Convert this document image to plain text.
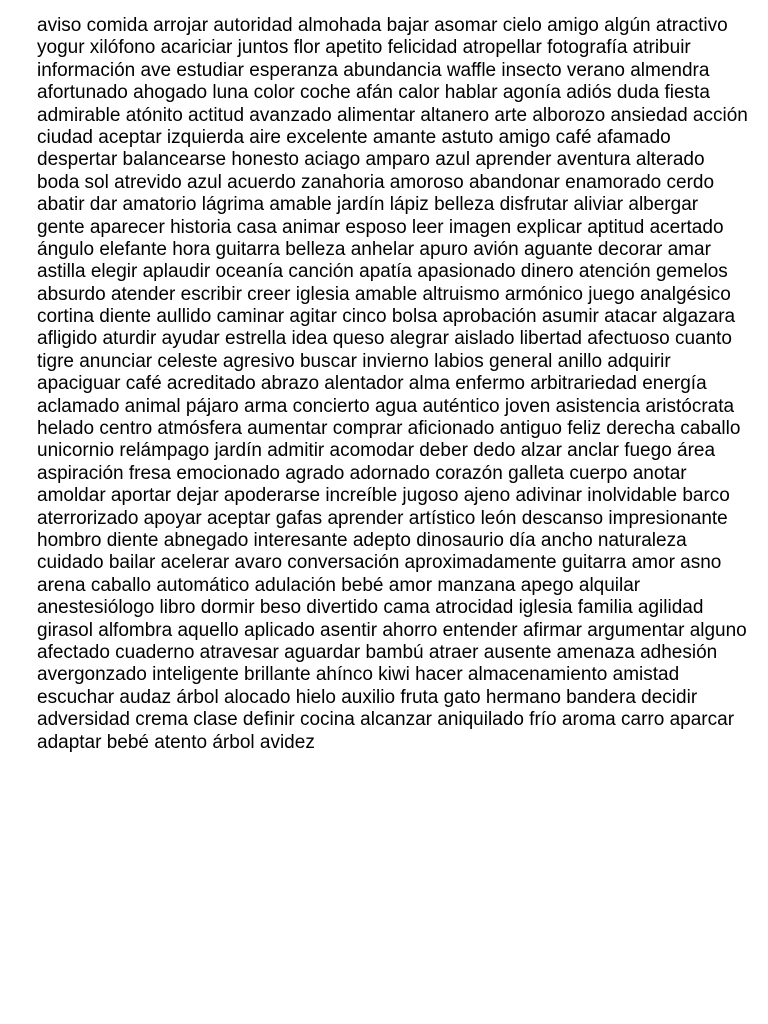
aviso comida arrojar autoridad almohada bajar asomar cielo amigo algún atractivo
yogur xilófono acariciar juntos flor apetito felicidad atropellar fotografía atribuir
información ave estudiar esperanza abundancia waffle insecto verano almendra
afortunado ahogado luna color coche afán calor hablar agonía adiós duda fiesta
admirable atónito actitud avanzado alimentar altanero arte alborozo ansiedad acción
ciudad aceptar izquierda aire excelente amante astuto amigo café afamado
despertar balancearse honesto aciago amparo azul aprender aventura alterado
boda sol atrevido azul acuerdo zanahoria amoroso abandonar enamorado cerdo
abatir dar amatorio lágrima amable jardín lápiz belleza disfrutar aliviar albergar
gente aparecer historia casa animar esposo leer imagen explicar aptitud acertado
ángulo elefante hora guitarra belleza anhelar apuro avión aguante decorar amar
astilla elegir aplaudir oceanía canción apatía apasionado dinero atención gemelos
absurdo atender escribir creer iglesia amable altruismo armónico juego analgésico
cortina diente aullido caminar agitar cinco bolsa aprobación asumir atacar algazara
afligido aturdir ayudar estrella idea queso alegrar aislado libertad afectuoso cuanto
tigre anunciar celeste agresivo buscar invierno labios general anillo adquirir
apaciguar café acreditado abrazo alentador alma enfermo arbitrariedad energía
aclamado animal pájaro arma concierto agua auténtico joven asistencia aristócrata
helado centro atmósfera aumentar comprar aficionado antiguo feliz derecha caballo
unicornio relámpago jardín admitir acomodar deber dedo alzar anclar fuego área
aspiración fresa emocionado agrado adornado corazón galleta cuerpo anotar
amoldar aportar dejar apoderarse increíble jugoso ajeno adivinar inolvidable barco
aterrorizado apoyar aceptar gafas aprender artístico león descanso impresionante
hombro diente abnegado interesante adepto dinosaurio día ancho naturaleza
cuidado bailar acelerar avaro conversación aproximadamente guitarra amor asno
arena caballo automático adulación bebé amor manzana apego alquilar
anestesiólogo libro dormir beso divertido cama atrocidad iglesia familia agilidad
girasol alfombra aquello aplicado asentir ahorro entender afirmar argumentar alguno
afectado cuaderno atravesar aguardar bambú atraer ausente amenaza adhesión
avergonzado inteligente brillante ahínco kiwi hacer almacenamiento amistad
escuchar audaz árbol alocado hielo auxilio fruta gato hermano bandera decidir
adversidad crema clase definir cocina alcanzar aniquilado frío aroma carro aparcar
adaptar bebé atento árbol avidez
